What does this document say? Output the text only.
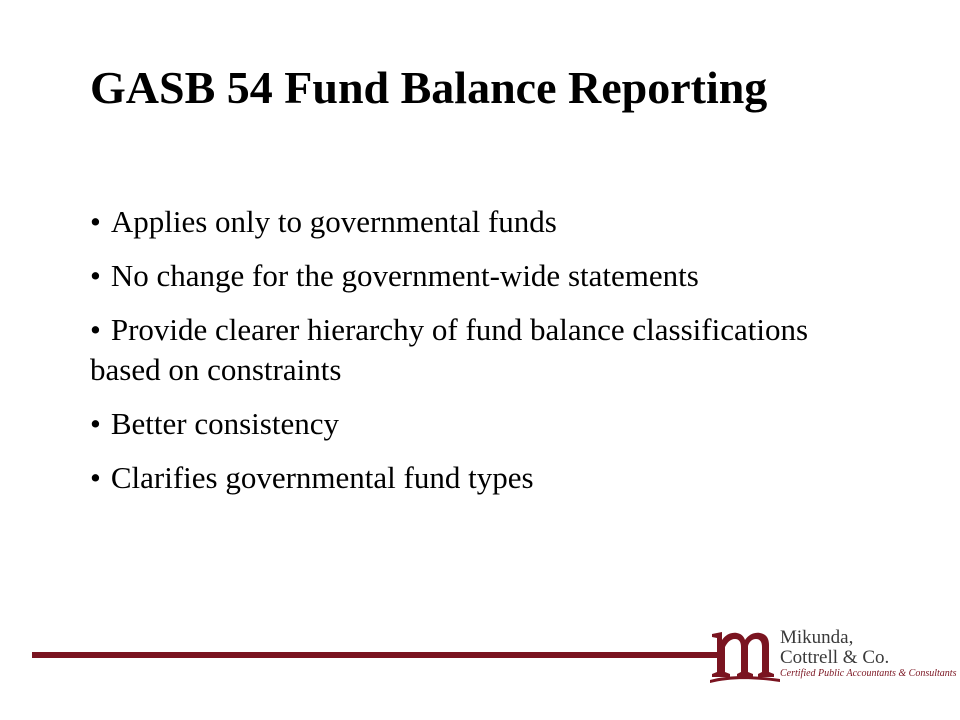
GASB 54 Fund Balance Reporting
• Applies only to governmental funds
• No change for the government-wide statements
• Provide clearer hierarchy of fund balance classifications based on constraints
• Better consistency
• Clarifies governmental fund types
Mikunda,
Cottrell & Co.
Certified Public Accountants & Consultants
